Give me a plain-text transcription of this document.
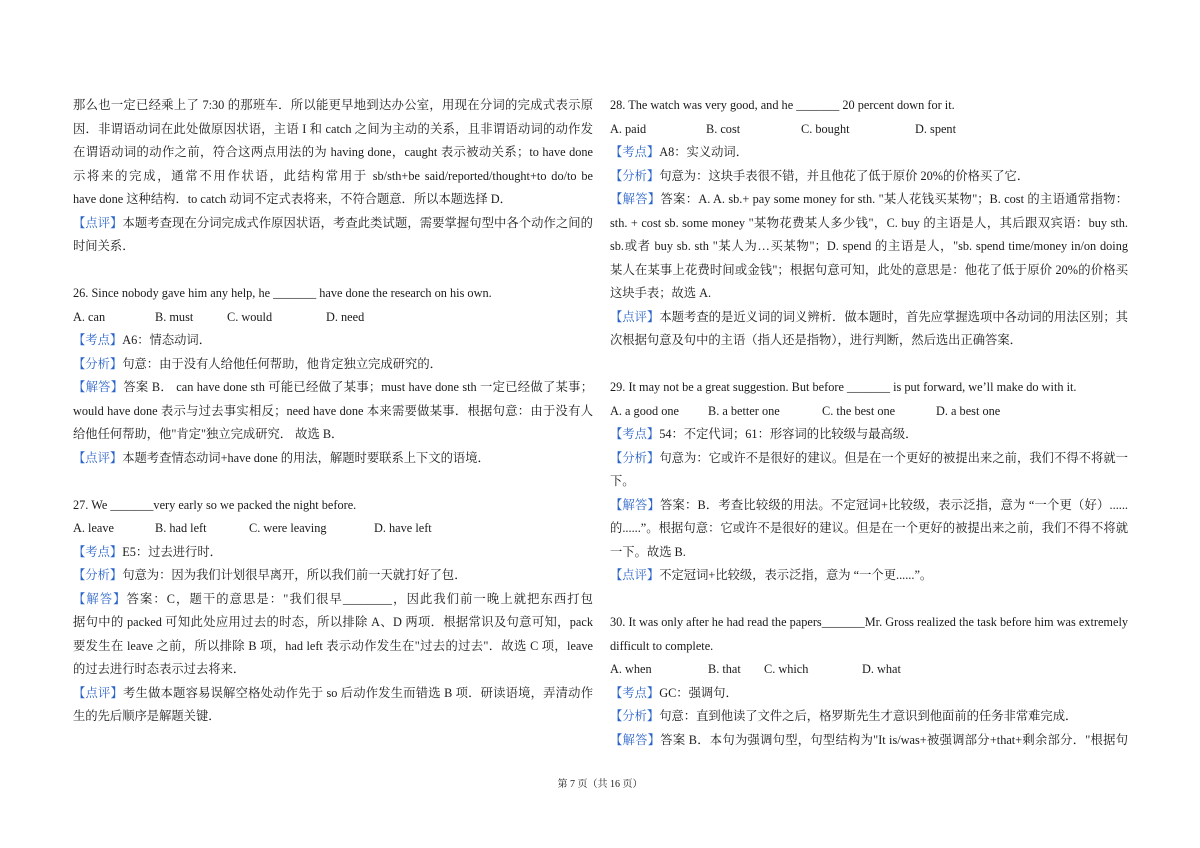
那么也一定已经乘上了 7:30 的那班车．所以能更早地到达办公室，用现在分词的完成式表示原
因．非谓语动词在此处做原因状语，主语 I 和 catch 之间为主动的关系，且非谓语动词的动作发
在谓语动词的动作之前，符合这两点用法的为 having done，caught 表示被动关系；to have done
示将来的完成，通常不用作状语，此结构常用于 sb/sth+be said/reported/thought+to do/to be
have done 这种结构．to catch 动词不定式表将来，不符合题意．所以本题选择 D．
【点评】本题考查现在分词完成式作原因状语，考查此类试题，需要掌握句型中各个动作之间的
时间关系．
26. Since nobody gave him any help, he _______ have done the research on his own.
A. can	B. must	C. would	D. need
【考点】A6：情态动词．
【分析】句意：由于没有人给他任何帮助，他肯定独立完成研究的．
【解答】答案 B． can have done sth 可能已经做了某事；must have done sth 一定已经做了某事；
would have done 表示与过去事实相反；need have done 本来需要做某事．根据句意：由于没有人
给他任何帮助，他"肯定"独立完成研究． 故选 B．
【点评】本题考查情态动词+have done 的用法，解题时要联系上下文的语境．
27. We _______very early so we packed the night before.
A. leave	B. had left	C. were leaving	D. have left
【考点】E5：过去进行时．
【分析】句意为：因为我们计划很早离开，所以我们前一天就打好了包．
【解答】答案：C，题干的意思是："我们很早________，因此我们前一晚上就把东西打包
据句中的 packed 可知此处应用过去的时态，所以排除 A、D 两项．根据常识及句意可知，pack
要发生在 leave 之前，所以排除 B 项，had left 表示动作发生在"过去的过去"．故选 C 项，leave
的过去进行时态表示过去将来．
【点评】考生做本题容易误解空格处动作先于 so 后动作发生而错选 B 项．研读语境，弄清动作
生的先后顺序是解题关键．
28. The watch was very good, and he _______ 20 percent down for it.
A. paid	B. cost	C. bought	D. spent
【考点】A8：实义动词．
【分析】句意为：这块手表很不错，并且他花了低于原价 20%的价格买了它．
【解答】答案：A. A. sb.+ pay some money for sth. "某人花钱买某物"；B. cost 的主语通常指物：
sth. + cost sb. some money "某物花费某人多少钱"，C. buy 的主语是人，其后跟双宾语：buy sth.
sb.或者 buy sb. sth "某人为…买某物"；D. spend 的主语是人，"sb. spend time/money in/on doing
某人在某事上花费时间或金钱"；根据句意可知，此处的意思是：他花了低于原价 20%的价格买
这块手表；故选 A.
【点评】本题考查的是近义词的词义辨析．做本题时，首先应掌握选项中各动词的用法区别；其
次根据句意及句中的主语（指人还是指物），进行判断，然后选出正确答案．
29. It may not be a great suggestion. But before _______ is put forward, we’ll make do with it.
A. a good one	B. a better one	C. the best one	D. a best one
【考点】54：不定代词；61：形容词的比较级与最高级．
【分析】句意为：它或许不是很好的建议。但是在一个更好的被提出来之前，我们不得不将就一
下。
【解答】答案：B．考查比较级的用法。不定冠词+比较级，表示泛指，意为 “一个更（好）......
的......”。根据句意：它或许不是很好的建议。但是在一个更好的被提出来之前，我们不得不将就
一下。故选 B.
【点评】不定冠词+比较级，表示泛指，意为 “一个更......”。
30. It was only after he had read the papers_______Mr. Gross realized the task before him was extremely
difficult to complete.
A. when	B. that	C. which	D. what
【考点】GC：强调句．
【分析】句意：直到他读了文件之后，格罗斯先生才意识到他面前的任务非常难完成．
【解答】答案 B．本句为强调句型，句型结构为"It is/was+被强调部分+that+剩余部分．"根据句
第 7 页（共 16 页）
